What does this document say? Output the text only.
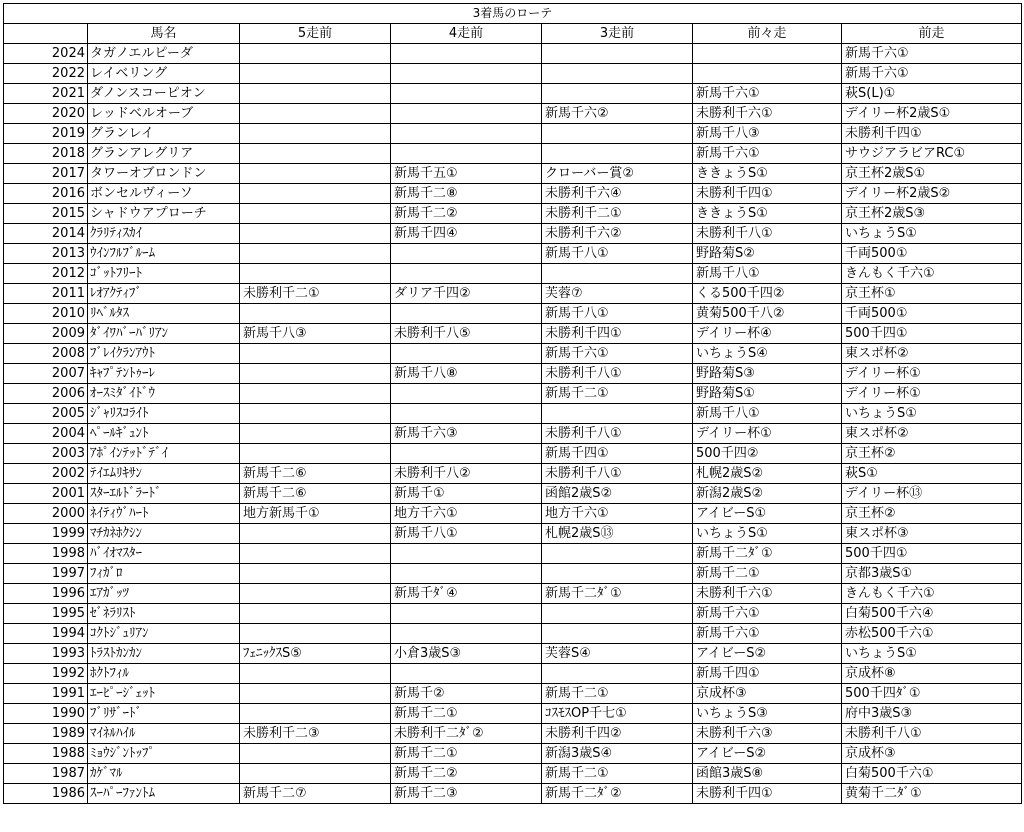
3着馬のローテ						
	馬名	5走前	4走前	3走前	前々走	前走
2024	タガノエルピーダ					新馬千六①
2022	レイベリング					新馬千六①
2021	ダノンスコーピオン				新馬千六①	萩S(L)①
2020	レッドベルオーブ			新馬千六②	未勝利千六①	デイリー杯2歳S①
2019	グランレイ				新馬千八③	未勝利千四①
2018	グランアレグリア				新馬千六①	サウジアラビアRC①
2017	タワーオブロンドン		新馬千五①	クローバー賞②	ききょうS①	京王杯2歳S①
2016	ボンセルヴィーソ		新馬千二⑧	未勝利千六④	未勝利千四①	デイリー杯2歳S②
2015	シャドウアプローチ		新馬千二②	未勝利千二①	ききょうS①	京王杯2歳S③
2014	ｸﾗﾘﾃｨｽｶｲ		新馬千四④	未勝利千六②	未勝利千八①	いちょうS①
2013	ｳｲﾝﾌﾙﾌﾞﾙｰﾑ			新馬千八①	野路菊S②	千両500①
2012	ｺﾞｯﾄﾌﾘｰﾄ				新馬千八①	きんもく千六①
2011	ﾚｵｱｸﾃｨﾌﾞ	未勝利千二①	ダリア千四②	芙蓉⑦	くる500千四②	京王杯①
2010	ﾘﾍﾞﾙﾀｽ			新馬千八①	黄菊500千八②	千両500①
2009	ﾀﾞｲﾜﾊﾞｰﾊﾞﾘｱﾝ	新馬千八③	未勝利千八⑤	未勝利千四①	デイリー杯④	500千四①
2008	ﾌﾞﾚｲｸﾗﾝｱｳﾄ			新馬千六①	いちょうS④	東スポ杯②
2007	ｷｬﾌﾟﾃﾝﾄｩｰﾚ		新馬千八⑧	未勝利千八①	野路菊S③	デイリー杯①
2006	ｵｰｽﾐﾀﾞｲﾄﾞｳ			新馬千二①	野路菊S①	デイリー杯①
2005	ｼﾞｬﾘｽｺﾗｲﾄ				新馬千八①	いちょうS①
2004	ﾍﾟｰﾙｷﾞｭﾝﾄ		新馬千六③	未勝利千八①	デイリー杯①	東スポ杯②
2003	ｱﾎﾟｲﾝﾃｯﾄﾞﾃﾞｲ			新馬千四①	500千四②	京王杯②
2002	ﾃｲｴﾑﾘｷｻﾝ	新馬千二⑥	未勝利千八②	未勝利千八①	札幌2歳S②	萩S①
2001	ｽﾀｰｴﾙﾄﾞﾗｰﾄﾞ	新馬千二⑥	新馬千①	函館2歳S②	新潟2歳S②	デイリー杯⑬
2000	ﾈｲﾃｨｳﾞﾊｰﾄ	地方新馬千①	地方千六①	地方千六①	アイビーS①	京王杯②
1999	ﾏﾁｶﾈﾎｸｼﾝ		新馬千八①	札幌2歳S⑬	いちょうS①	東スポ杯③
1998	ﾊﾞｲｵﾏｽﾀｰ				新馬千二ﾀﾞ①	500千四①
1997	ﾌｨｶﾞﾛ				新馬千二①	京都3歳S①
1996	ｴｱｶﾞｯﾂ		新馬千ﾀﾞ④	新馬千二ﾀﾞ①	未勝利千六①	きんもく千六①
1995	ｾﾞﾈﾗﾘｽﾄ				新馬千六①	白菊500千六④
1994	ｺｸﾄｼﾞｭﾘｱﾝ				新馬千六①	赤松500千六①
1993	ﾄﾗｽﾄｶﾝｶﾝ	ﾌｪﾆｯｸｽS⑤	小倉3歳S③	芙蓉S④	アイビーS②	いちょうS①
1992	ﾎｸﾄﾌｨﾙ				新馬千四①	京成杯⑧
1991	ｴｰﾋﾟｰｼﾞｪｯﾄ		新馬千②	新馬千二①	京成杯③	500千四ﾀﾞ①
1990	ﾌﾞﾘｻﾞｰﾄﾞ		新馬千二①	ｺｽﾓｽOP千七①	いちょうS③	府中3歳S③
1989	ﾏｲﾈﾙﾊｲﾙ	未勝利千二③	未勝利千二ﾀﾞ②	未勝利千四②	未勝利千六③	未勝利千八①
1988	ﾐｮｳｼﾞﾝﾄｯﾌﾟ		新馬千二①	新潟3歳S④	アイビーS②	京成杯③
1987	ｶｹﾞﾏﾙ		新馬千二②	新馬千二①	函館3歳S⑧	白菊500千六①
1986	ｽｰﾊﾟｰﾌｧﾝﾄﾑ	新馬千二⑦	新馬千二③	新馬千二ﾀﾞ②	未勝利千四①	黄菊千二ﾀﾞ①
